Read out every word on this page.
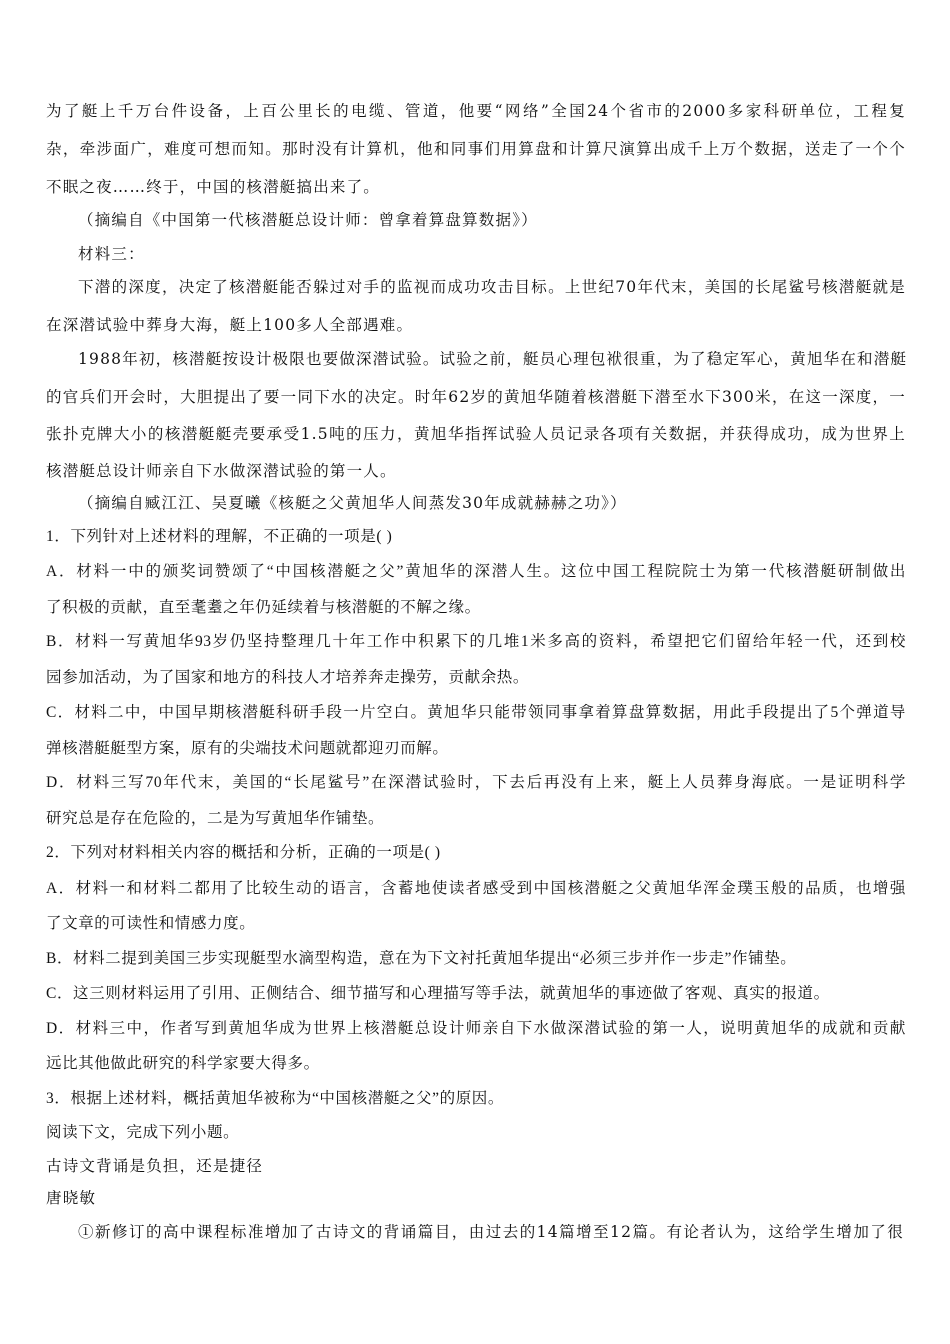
为了艇上千万台件设备，上百公里长的电缆、管道，他要“网络”全国24个省市的2000多家科研单位，工程复

杂，牵涉面广，难度可想而知。那时没有计算机，他和同事们用算盘和计算尺演算出成千上万个数据，送走了一个个

不眠之夜……终于，中国的核潜艇搞出来了。

（摘编自《中国第一代核潜艇总设计师：曾拿着算盘算数据》）

材料三：

下潜的深度，决定了核潜艇能否躲过对手的监视而成功攻击目标。上世纪70年代末，美国的长尾鲨号核潜艇就是

在深潜试验中葬身大海，艇上100多人全部遇难。

1988年初，核潜艇按设计极限也要做深潜试验。试验之前，艇员心理包袱很重，为了稳定军心，黄旭华在和潜艇

的官兵们开会时，大胆提出了要一同下水的决定。时年62岁的黄旭华随着核潜艇下潜至水下300米，在这一深度，一

张扑克牌大小的核潜艇艇壳要承受1.5吨的压力，黄旭华指挥试验人员记录各项有关数据，并获得成功，成为世界上

核潜艇总设计师亲自下水做深潜试验的第一人。

（摘编自臧江江、吴夏曦《核艇之父黄旭华人间蒸发30年成就赫赫之功》）

1．下列针对上述材料的理解，不正确的一项是( )

A．材料一中的颁奖词赞颂了“中国核潜艇之父”黄旭华的深潜人生。这位中国工程院院士为第一代核潜艇研制做出

了积极的贡献，直至耄耋之年仍延续着与核潜艇的不解之缘。

B．材料一写黄旭华93岁仍坚持整理几十年工作中积累下的几堆1米多高的资料，希望把它们留给年轻一代，还到校

园参加活动，为了国家和地方的科技人才培养奔走操劳，贡献余热。

C．材料二中，中国早期核潜艇科研手段一片空白。黄旭华只能带领同事拿着算盘算数据，用此手段提出了5个弹道导

弹核潜艇艇型方案，原有的尖端技术问题就都迎刃而解。

D．材料三写70年代末，美国的“长尾鲨号”在深潜试验时，下去后再没有上来，艇上人员葬身海底。一是证明科学

研究总是存在危险的，二是为写黄旭华作铺垫。

2．下列对材料相关内容的概括和分析，正确的一项是( )

A．材料一和材料二都用了比较生动的语言，含蓄地使读者感受到中国核潜艇之父黄旭华浑金璞玉般的品质，也增强

了文章的可读性和情感力度。

B．材料二提到美国三步实现艇型水滴型构造，意在为下文衬托黄旭华提出“必须三步并作一步走”作铺垫。

C．这三则材料运用了引用、正侧结合、细节描写和心理描写等手法，就黄旭华的事迹做了客观、真实的报道。

D．材料三中，作者写到黄旭华成为世界上核潜艇总设计师亲自下水做深潜试验的第一人，说明黄旭华的成就和贡献

远比其他做此研究的科学家要大得多。

3．根据上述材料，概括黄旭华被称为“中国核潜艇之父”的原因。

阅读下文，完成下列小题。

古诗文背诵是负担，还是捷径

唐晓敏

①新修订的高中课程标准增加了古诗文的背诵篇目，由过去的14篇增至12篇。有论者认为，这给学生增加了很
